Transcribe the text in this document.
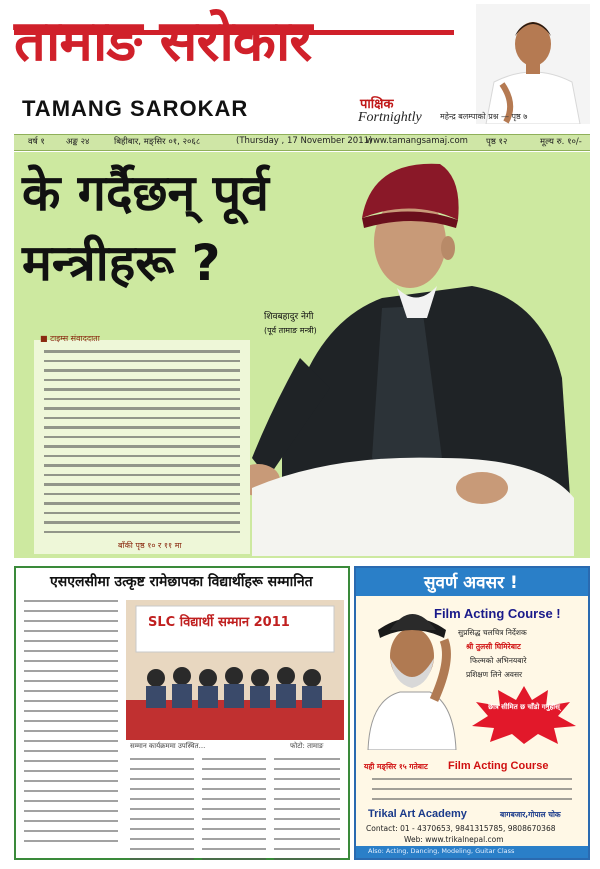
तामाङ सरोकार
TAMANG SAROKAR	पाक्षिक
Fortnightly महेन्द्र बलम्पाको प्रश्न — पृष्ठ ७
वर्ष १ अङ्क २४	बिहीबार, मङ्सिर ०१, २०६८	(Thursday , 17 November 2011)
www.tamangsamaj.com पृष्ठ १२	मूल्य रु. १०/-
के गर्दैछन् पूर्व मन्त्रीहरू ?
■ टाइम्स संवाददाता
बाँकी पृष्ठ १० र ११ मा
शिवबहादुर नेगी
(पूर्व तामाङ मन्त्री)
एसएलसीमा उत्कृष्ट रामेछापका विद्यार्थीहरू सम्मानित
SLC विद्यार्थी सम्मान 2011
सम्मान कार्यक्रममा उपस्थित...	फोटो: तामाङ
सुवर्ण अवसर !
Film Acting Course !
सुप्रसिद्ध चलचित्र निर्देशक
श्री तुलसी घिमिरेबाट
फिल्मको अभिनयबारे
प्रशिक्षण लिने अवसर
छात्र सीमित छ चाँडो गर्नुहोस्
यही मङ्सिर १५ गतेबाट Film Acting Course
Trikal Art Academy	बागबजार,गोपाल चोक
Contact: 01 - 4370653, 9841315785, 9808670368
Web: www.trikalnepal.com
Also: Acting, Dancing, Modeling, Guitar Class
